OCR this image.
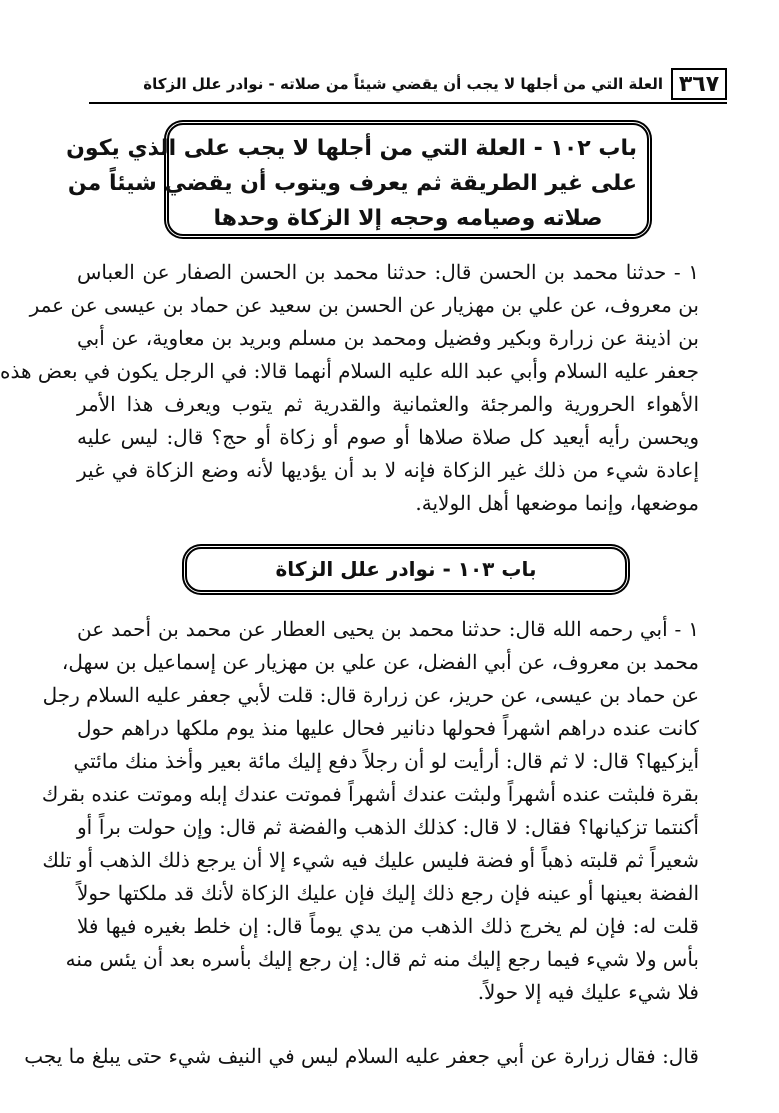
٣٦٧
العلة التي من أجلها لا يجب أن يقضي شيئاً من صلاته - نوادر علل الزكاة
باب ١٠٢ - العلة التي من أجلها لا يجب على الذي يكون
على غير الطريقة ثم يعرف ويتوب أن يقضي شيئاً من
صلاته وصيامه وحجه إلا الزكاة وحدها
١ - حدثنا محمد بن الحسن قال: حدثنا محمد بن الحسن الصفار عن العباس
بن معروف، عن علي بن مهزيار عن الحسن بن سعيد عن حماد بن عيسى عن عمر
بن اذينة عن زرارة وبكير وفضيل ومحمد بن مسلم وبريد بن معاوية، عن أبي
جعفر عليه السلام وأبي عبد الله عليه السلام أنهما قالا: في الرجل يكون في بعض هذه
الأهواء الحرورية والمرجئة والعثمانية والقدرية ثم يتوب ويعرف هذا الأمر
ويحسن رأيه أيعيد كل صلاة صلاها أو صوم أو زكاة أو حج؟ قال: ليس عليه
إعادة شيء من ذلك غير الزكاة فإنه لا بد أن يؤديها لأنه وضع الزكاة في غير
موضعها، وإنما موضعها أهل الولاية.
باب ١٠٣ - نوادر علل الزكاة
١ - أبي رحمه الله قال: حدثنا محمد بن يحيى العطار عن محمد بن أحمد عن
محمد بن معروف، عن أبي الفضل، عن علي بن مهزيار عن إسماعيل بن سهل،
عن حماد بن عيسى، عن حريز، عن زرارة قال: قلت لأبي جعفر عليه السلام رجل
كانت عنده دراهم اشهراً فحولها دنانير فحال عليها منذ يوم ملكها دراهم حول
أيزكيها؟ قال: لا ثم قال: أرأيت لو أن رجلاً دفع إليك مائة بعير وأخذ منك مائتي
بقرة فلبثت عنده أشهراً ولبثت عندك أشهراً فموتت عندك إبله وموتت عنده بقرك
أكنتما تزكيانها؟ فقال: لا قال: كذلك الذهب والفضة ثم قال: وإن حولت براً أو
شعيراً ثم قلبته ذهباً أو فضة فليس عليك فيه شيء إلا أن يرجع ذلك الذهب أو تلك
الفضة بعينها أو عينه فإن رجع ذلك إليك فإن عليك الزكاة لأنك قد ملكتها حولاً
قلت له: فإن لم يخرج ذلك الذهب من يدي يوماً قال: إن خلط بغيره فيها فلا
بأس ولا شيء فيما رجع إليك منه ثم قال: إن رجع إليك بأسره بعد أن يئس منه
فلا شيء عليك فيه إلا حولاً.
قال: فقال زرارة عن أبي جعفر عليه السلام ليس في النيف شيء حتى يبلغ ما يجب
